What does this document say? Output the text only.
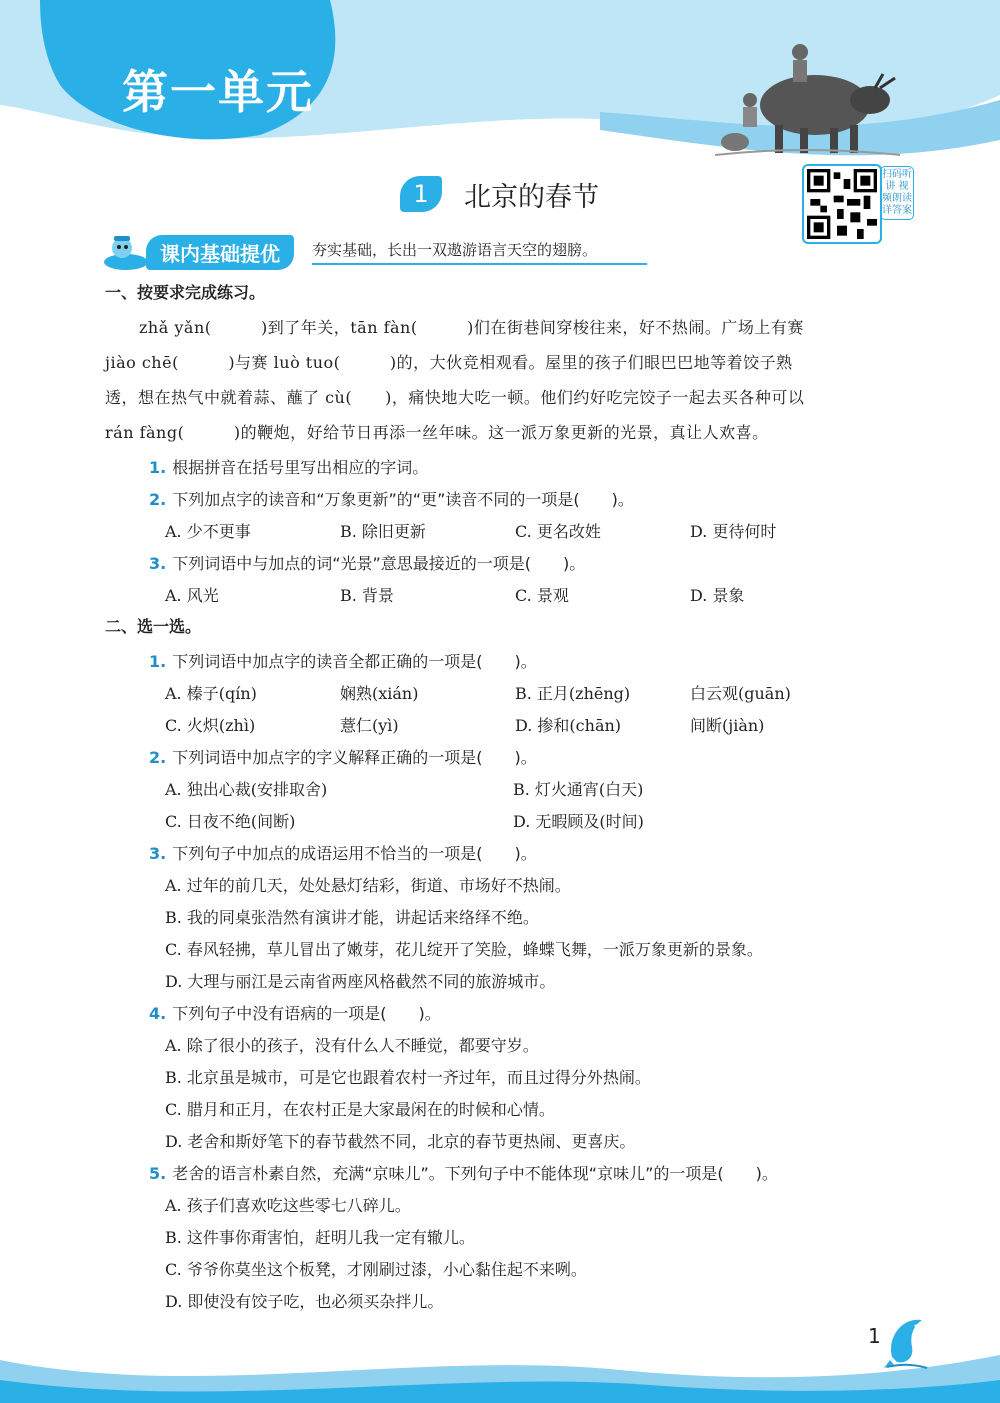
第一单元
1	北京的春节
扫码听讲 视频朗读 详答案
课内基础提优	夯实基础，长出一双遨游语言天空的翅膀。
一、按要求完成练习。
zhǎ yǎn(　　　)到了年关，tān fàn(　　　)们在街巷间穿梭往来，好不热闹。广场上有赛
jiào chē(　　　)与赛 luò tuo(　　　)的，大伙竞相观看。屋里的孩子们眼巴巴地等着饺子熟
透，想在热气中就着蒜、蘸了 cù(　　)，痛快地大吃一顿。他们约好吃完饺子一起去买各种可以
rán fàng(　　　)的鞭炮，好给节日再添一丝年味。这一派万象更新的光景，真让人欢喜。
1. 根据拼音在括号里写出相应的字词。
2. 下列加点字的读音和“万象更新”的“更”读音不同的一项是(　　)。
A. 少不更事	B. 除旧更新	C. 更名改姓	D. 更待何时
3. 下列词语中与加点的词“光景”意思最接近的一项是(　　)。
A. 风光	B. 背景	C. 景观	D. 景象
二、选一选。
1. 下列词语中加点字的读音全都正确的一项是(　　)。
A. 榛子(qín)	娴熟(xián)	B. 正月(zhēng)	白云观(guān)
C. 火炽(zhì)	薏仁(yì)	D. 掺和(chān)	间断(jiàn)
2. 下列词语中加点字的字义解释正确的一项是(　　)。
A. 独出心裁(安排取舍)	B. 灯火通宵(白天)
C. 日夜不绝(间断)	D. 无暇顾及(时间)
3. 下列句子中加点的成语运用不恰当的一项是(　　)。
A. 过年的前几天，处处悬灯结彩，街道、市场好不热闹。
B. 我的同桌张浩然有演讲才能，讲起话来络绎不绝。
C. 春风轻拂，草儿冒出了嫩芽，花儿绽开了笑脸，蜂蝶飞舞，一派万象更新的景象。
D. 大理与丽江是云南省两座风格截然不同的旅游城市。
4. 下列句子中没有语病的一项是(　　)。
A. 除了很小的孩子，没有什么人不睡觉，都要守岁。
B. 北京虽是城市，可是它也跟着农村一齐过年，而且过得分外热闹。
C. 腊月和正月，在农村正是大家最闲在的时候和心情。
D. 老舍和斯妤笔下的春节截然不同，北京的春节更热闹、更喜庆。
5. 老舍的语言朴素自然，充满“京味儿”。下列句子中不能体现“京味儿”的一项是(　　)。
A. 孩子们喜欢吃这些零七八碎儿。
B. 这件事你甭害怕，赶明儿我一定有辙儿。
C. 爷爷你莫坐这个板凳，才刚刷过漆，小心黏住起不来咧。
D. 即使没有饺子吃，也必须买杂拌儿。
1
